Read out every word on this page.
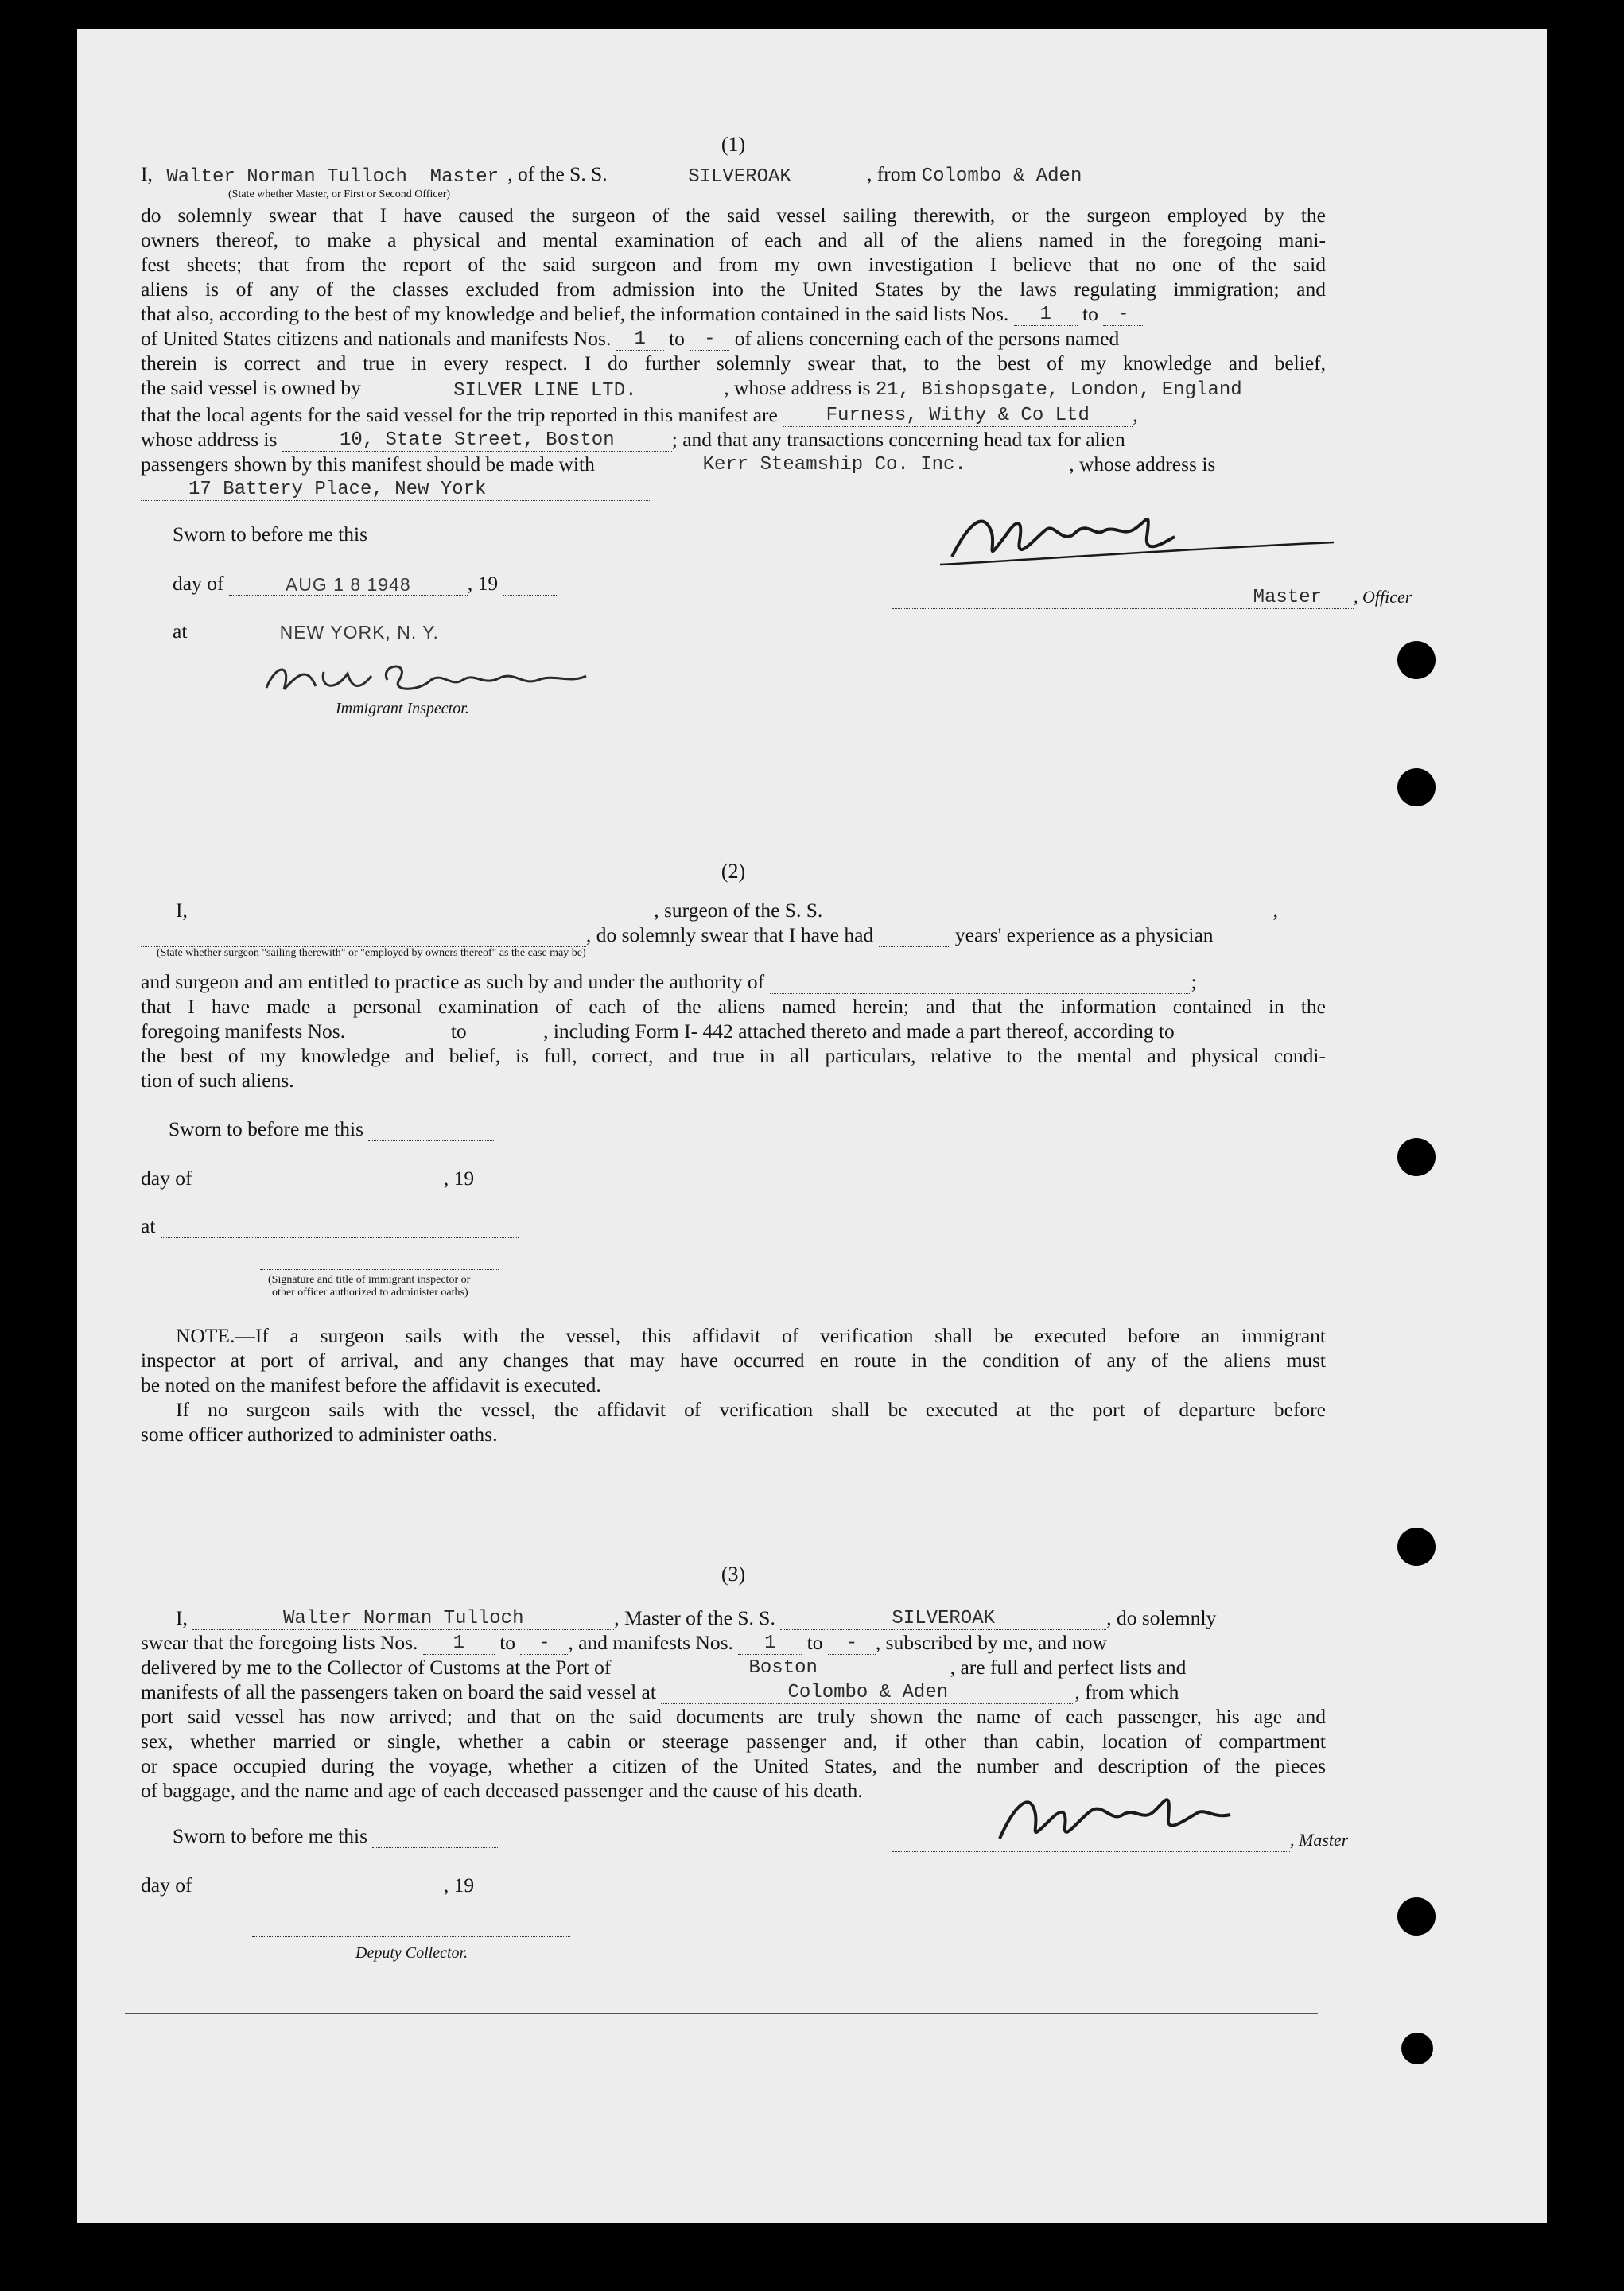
(1)
I, Walter Norman Tulloch Master , of the S. S.	SILVEROAK	, from Colombo & Aden
(State whether Master, or First or Second Officer)
do solemnly swear that I have caused the surgeon of the said vessel sailing therewith, or the surgeon employed by the
owners thereof, to make a physical and mental examination of each and all of the aliens named in the foregoing mani-
fest sheets; that from the report of the said surgeon and from my own investigation I believe that no one of the said
aliens is of any of the classes excluded from admission into the United States by the laws regulating immigration; and
that also, according to the best of my knowledge and belief, the information contained in the said lists Nos. 1 to -
of United States citizens and nationals and manifests Nos. 1 to - of aliens concerning each of the persons named
therein is correct and true in every respect. I do further solemnly swear that, to the best of my knowledge and belief,
the said vessel is owned by	SILVER LINE LTD.	, whose address is 21, Bishopsgate, London, England
that the local agents for the said vessel for the trip reported in this manifest are	Furness, Withy & Co Ltd ,
whose address is	10, State Street, Boston	; and that any transactions concerning head tax for alien
passengers shown by this manifest should be made with	Kerr Steamship Co. Inc.	, whose address is
17 Battery Place, New York
Sworn to before me this
day of	AUG 1 8 1948	, 19
at	NEW YORK, N. Y.
Immigrant Inspector.
Master , Officer
(2)
I,	, surgeon of the S. S.	,
, do solemnly swear that I have had	years' experience as a physician
(State whether surgeon "sailing therewith" or "employed by owners thereof" as the case may be)
and surgeon and am entitled to practice as such by and under the authority of	;
that I have made a personal examination of each of the aliens named herein; and that the information contained in the
foregoing manifests Nos.	to	, including Form I- 442 attached thereto and made a part thereof, according to
the best of my knowledge and belief, is full, correct, and true in all particulars, relative to the mental and physical condi-
tion of such aliens.
Sworn to before me this
day of	, 19
at
(Signature and title of immigrant inspector or
other officer authorized to administer oaths)
NOTE.—If a surgeon sails with the vessel, this affidavit of verification shall be executed before an immigrant
inspector at port of arrival, and any changes that may have occurred en route in the condition of any of the aliens must
be noted on the manifest before the affidavit is executed.
If no surgeon sails with the vessel, the affidavit of verification shall be executed at the port of departure before
some officer authorized to administer oaths.
(3)
I,	Walter Norman Tulloch	, Master of the S. S.	SILVEROAK	, do solemnly
swear that the foregoing lists Nos. 1 to - , and manifests Nos. 1 to - , subscribed by me, and now
delivered by me to the Collector of Customs at the Port of	Boston	, are full and perfect lists and
manifests of all the passengers taken on board the said vessel at	Colombo & Aden	, from which
port said vessel has now arrived; and that on the said documents are truly shown the name of each passenger, his age and
sex, whether married or single, whether a cabin or steerage passenger and, if other than cabin, location of compartment
or space occupied during the voyage, whether a citizen of the United States, and the number and description of the pieces
of baggage, and the name and age of each deceased passenger and the cause of his death.
Sworn to before me this	, Master
day of	, 19
Deputy Collector.
